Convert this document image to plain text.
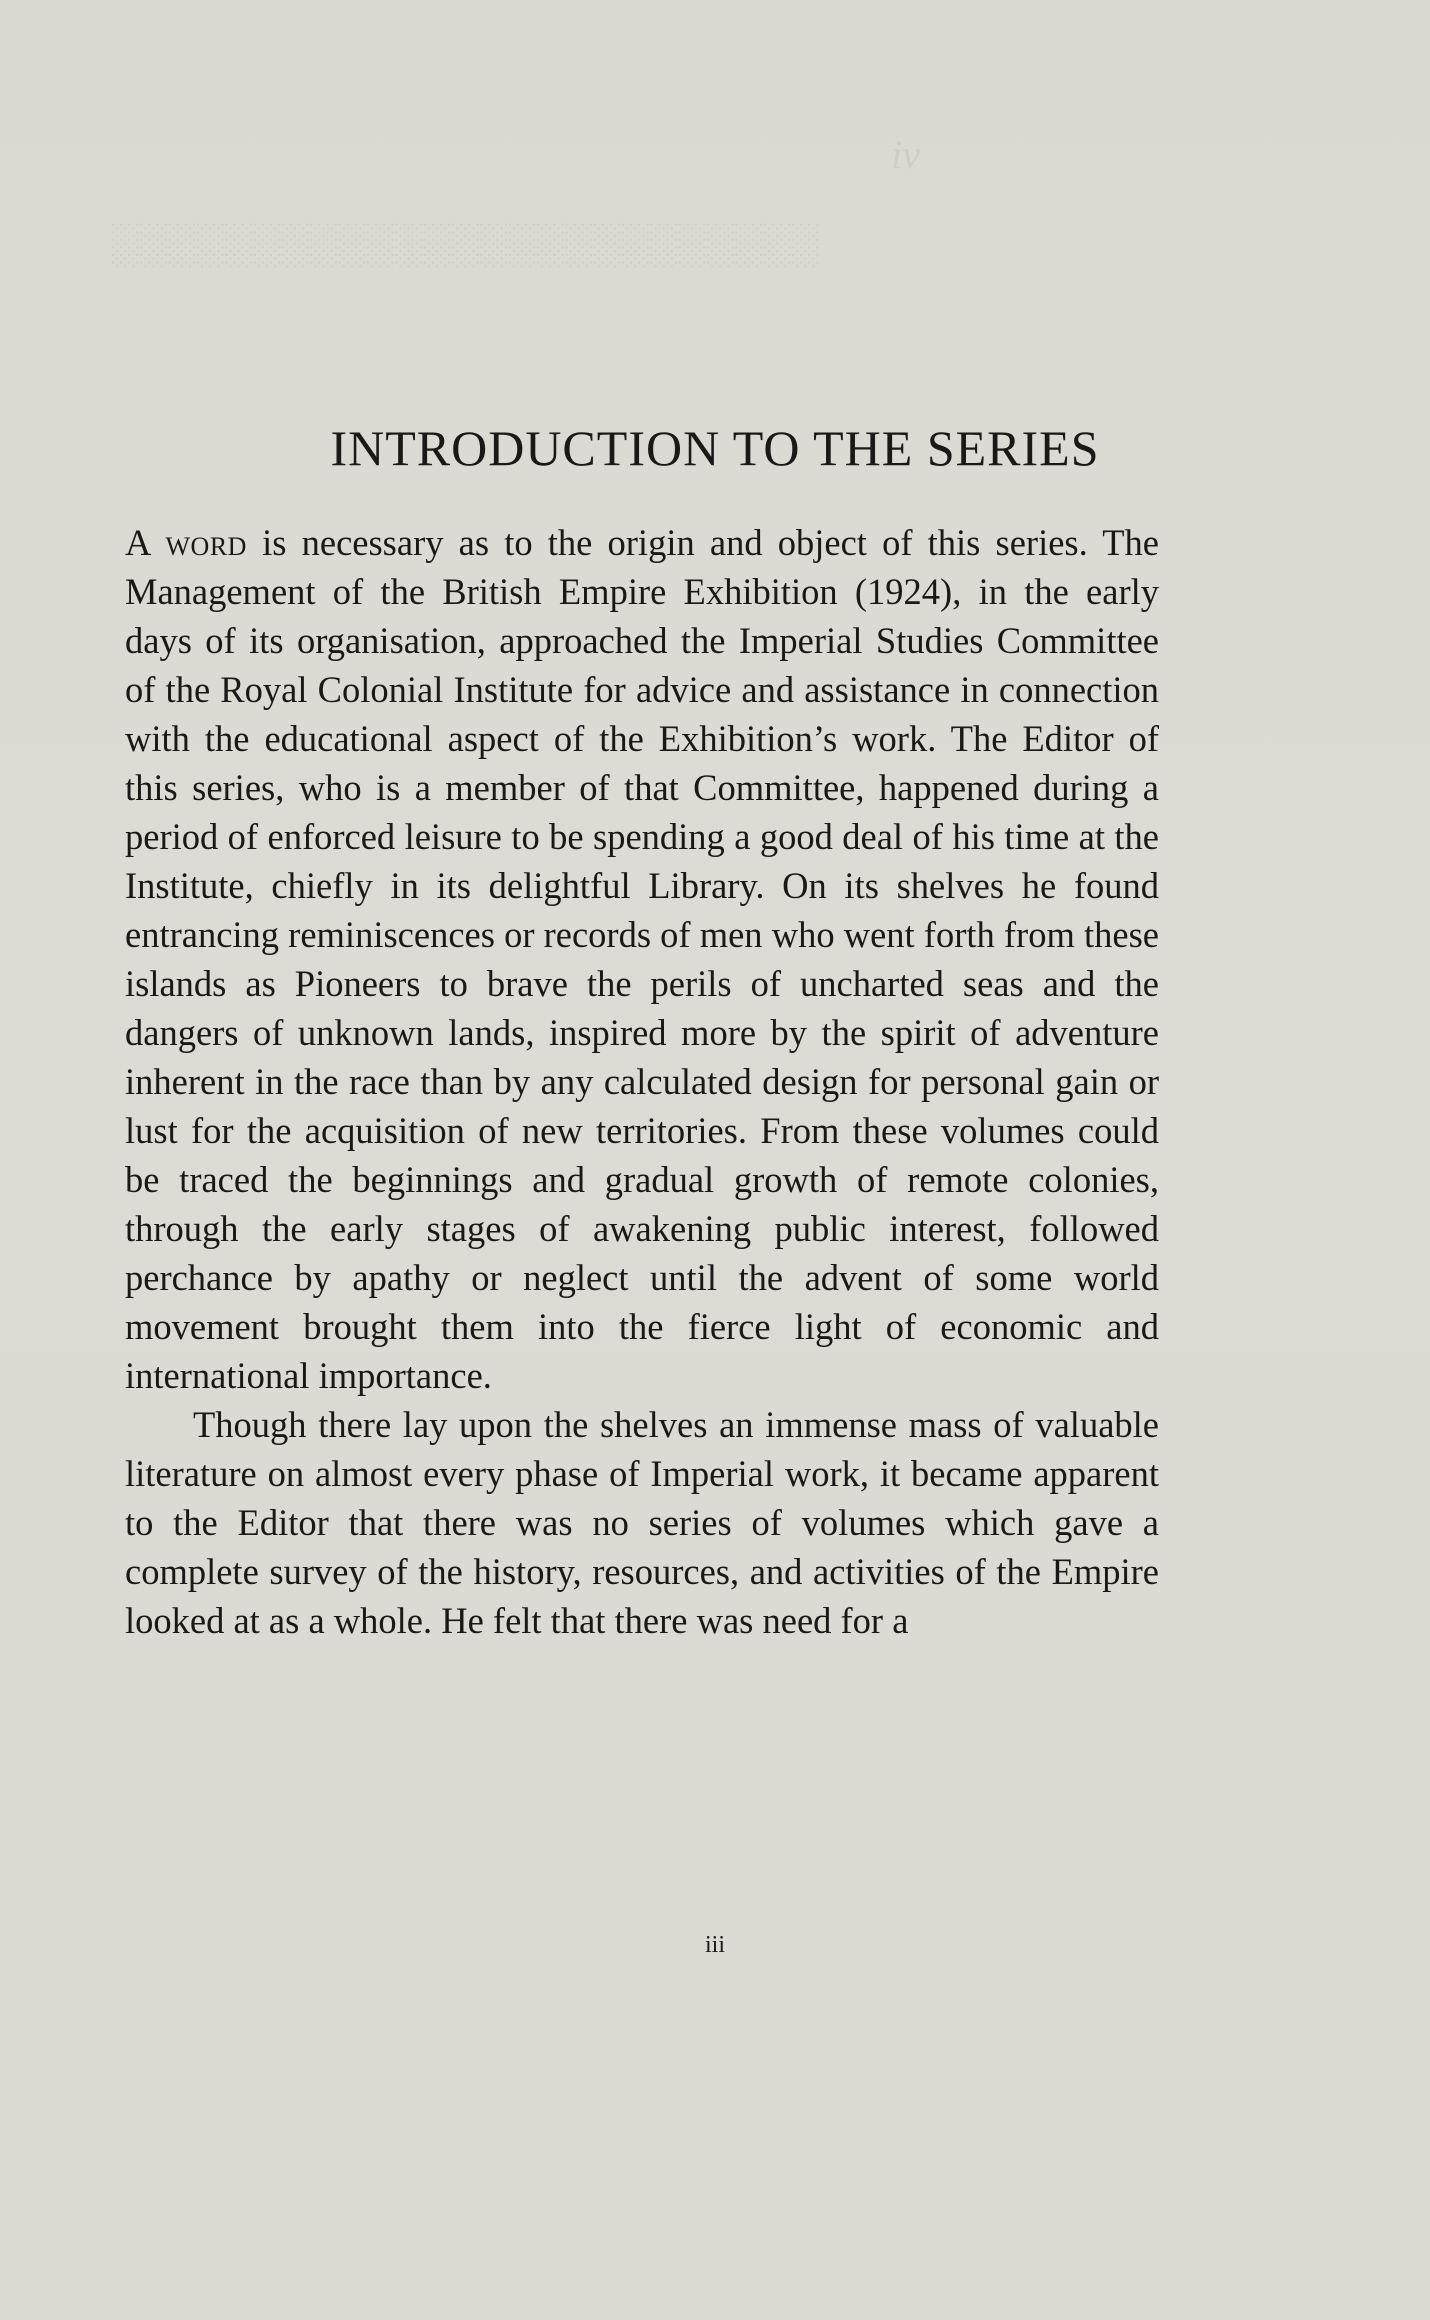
iv

░░░░░░░░░░░░░░░░░░░░░░░░░

INTRODUCTION TO THE SERIES

A word is necessary as to the origin and object of this series. The Management of the British Empire Exhibition (1924), in the early days of its organisation, approached the Imperial Studies Committee of the Royal Colonial Institute for advice and assistance in connection with the educational aspect of the Exhibition’s work. The Editor of this series, who is a member of that Committee, happened during a period of enforced leisure to be spending a good deal of his time at the Institute, chiefly in its delightful Library. On its shelves he found entrancing reminiscences or records of men who went forth from these islands as Pioneers to brave the perils of uncharted seas and the dangers of unknown lands, inspired more by the spirit of adventure inherent in the race than by any calculated design for personal gain or lust for the acquisition of new territories. From these volumes could be traced the beginnings and gradual growth of remote colonies, through the early stages of awakening public interest, followed perchance by apathy or neglect until the advent of some world movement brought them into the fierce light of economic and international importance.

Though there lay upon the shelves an immense mass of valuable literature on almost every phase of Imperial work, it became apparent to the Editor that there was no series of volumes which gave a complete survey of the history, resources, and activities of the Empire looked at as a whole. He felt that there was need for a

iii
